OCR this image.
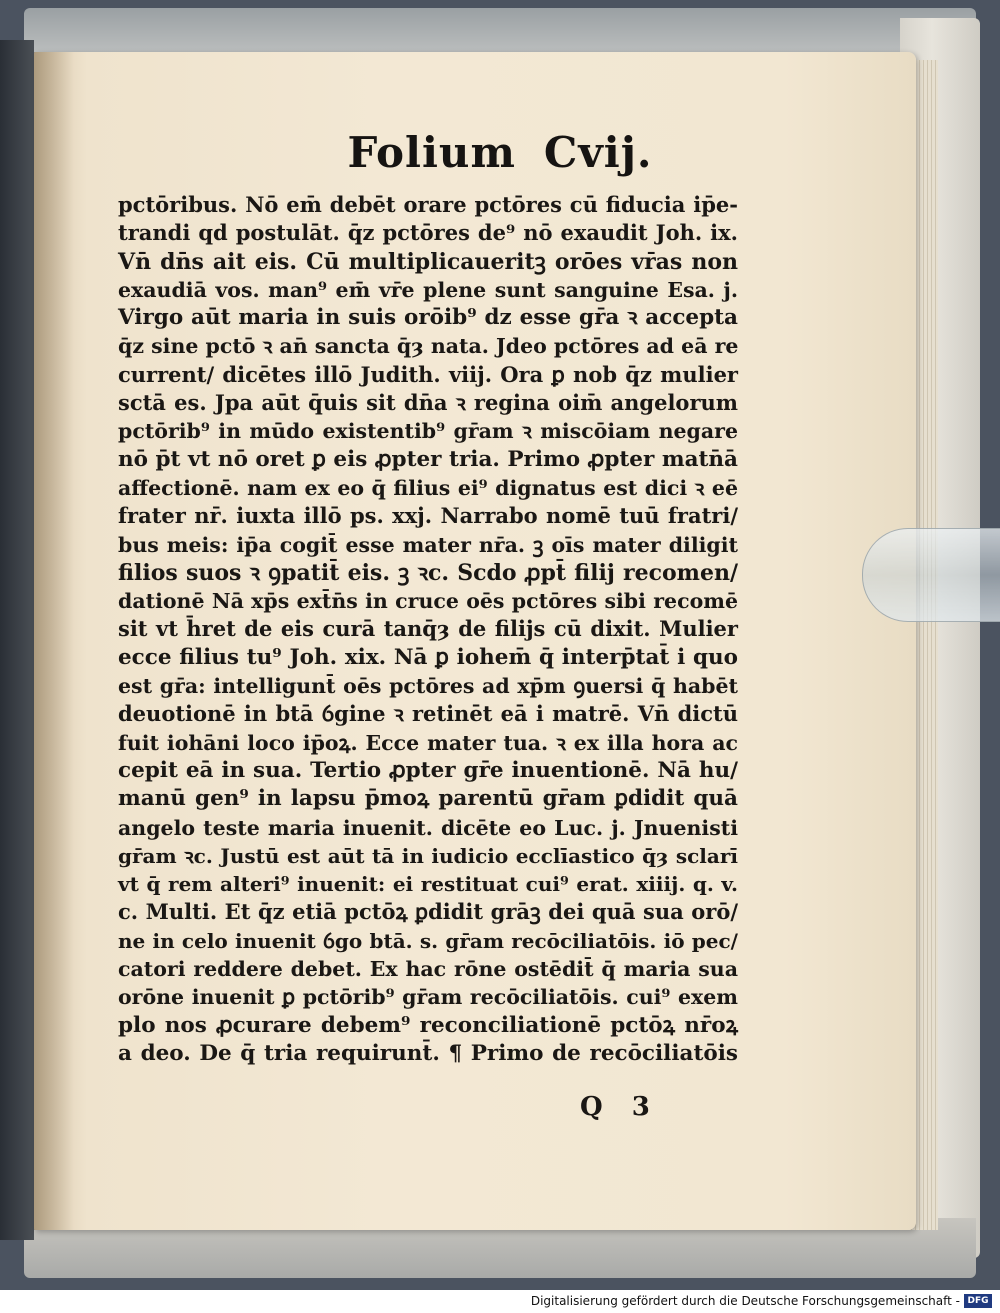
Folium Cvij.
pctōribus. Nō em̄ debēt orare pctōres cū fiducia ip̄e-
trandi qd postulāt. q̄z pctōres de⁹ nō exaudit Joh. ix.
Vn̄ dn̄s ait eis. Cū multiplicaueritꝫ orōes vr̄as non
exaudiā vos. man⁹ em̄ vr̄e plene sunt sanguine Esa. j.
Virgo aūt maria in suis orōib⁹ dz esse gr̄a ꝛ accepta
q̄z sine pctō ꝛ an̄ sancta q̄ȝ nata. Jdeo pctōres ad eā re
current/ dicētes illō Judith. viij. Ora ꝑ nob q̄z mulier
sctā es. Jpa aūt q̄uis sit dn̄a ꝛ regina oim̄ angelorum
pctōrib⁹ in mūdo existentib⁹ gr̄am ꝛ miscōiam negare
nō p̄t vt nō oret ꝑ eis ꝓpter tria. Primo ꝓpter matn̄ā
affectionē. nam ex eo q̄ filius ei⁹ dignatus est dici ꝛ eē
frater nr̄. iuxta illō ps. xxj. Narrabo nomē tuū fratri/
bus meis: ip̄a cogit̄ esse mater nr̄a. ꝫ oīs mater diligit
filios suos ꝛ ꝯpatit̄ eis. ꝫ ꝛc. Scdo ꝓpt̄ filij recomen/
dationē Nā xp̄s ext̄n̄s in cruce oēs pctōres sibi recomē
sit vt h̄ret de eis curā tanq̄ȝ de filijs cū dixit. Mulier
ecce filius tu⁹ Joh. xix. Nā ꝑ iohem̄ q̄ interp̄tat̄ i quo
est gr̄a: intelligunt̄ oēs pctōres ad xp̄m ꝯuersi q̄ habēt
deuotionē in btā ỽgine ꝛ retinēt eā i matrē. Vn̄ dictū
fuit iohāni loco ip̄oꝝ. Ecce mater tua. ꝛ ex illa hora ac
cepit eā in sua. Tertio ꝓpter gr̄e inuentionē. Nā hu/
manū gen⁹ in lapsu p̄moꝝ parentū gr̄am ꝑdidit quā
angelo teste maria inuenit. dicēte eo Luc. j. Jnuenisti
gr̄am ꝛc. Justū est aūt tā in iudicio ecclīastico q̄ȝ sclarī
vt q̄ rem alteri⁹ inuenit: ei restituat cui⁹ erat. xiiij. q. v.
c. Multi. Et q̄z etiā pctōꝝ ꝑdidit grāꝫ dei quā sua orō/
ne in celo inuenit ỽgo btā. s. gr̄am recōciliatōis. iō pec/
catori reddere debet. Ex hac rōne ostēdit̄ q̄ maria sua
orōne inuenit ꝑ pctōrib⁹ gr̄am recōciliatōis. cui⁹ exem
plo nos ꝓcurare debem⁹ reconciliationē pctōꝝ nr̄oꝝ
a deo. De q̄ tria requirunt̄. ¶ Primo de recōciliatōis
Q 3
Digitalisierung gefördert durch die Deutsche Forschungsgemeinschaft - DFG
